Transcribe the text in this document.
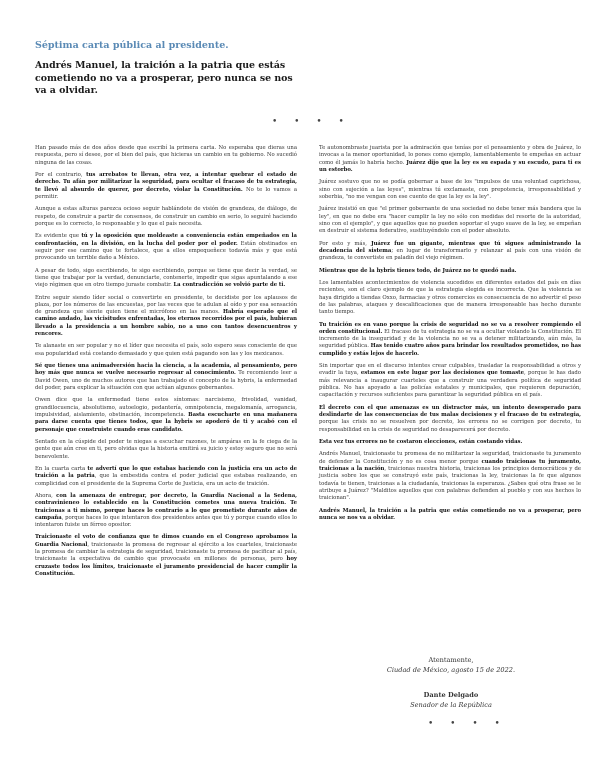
Séptima carta pública al presidente.
Andrés Manuel, la traición a la patria que estás cometiendo no va a prosperar, pero nunca se nos va a olvidar.
• • • •

Han pasado más de dos años desde que escribí la primera carta. No esperaba que dieras una respuesta, pero sí desee, por el bien del país, que hicieras un cambio en tu gobierno. No sucedió ninguna de las cosas.

Por el contrario, tus arrebatos te llevan, otra vez, a intentar quebrar el estado de derecho. Tu afán por militarizar la seguridad, para ocultar el fracaso de tu estrategia, te llevó al absurdo de querer, por decreto, violar la Constitución. No te lo vamos a permitir.

Aunque a estas alturas parezca ocioso seguir hablándote de visión de grandeza, de diálogo, de respeto, de construir a partir de consensos, de construir un cambio en serio, lo seguiré haciendo porque es lo correcto, lo responsable y lo que el país necesita.

Es evidente que tú y la oposición que moldeaste a conveniencia están empeñados en la confrontación, en la división, en la lucha del poder por el poder. Están obstinados en seguir por ese camino que te fortalece, que a ellos empequeñece todavía más y que está provocando un terrible daño a México.

A pesar de todo, sigo escribiendo, te sigo escribiendo, porque se tiene que decir la verdad, se tiene que trabajar por la verdad, denunciarte, contenerte, impedir que sigas apuntalando a ese viejo régimen que en otro tiempo juraste combatir. La contradicción se volvió parte de ti.

Entre seguir siendo líder social o convertirte en presidente, te decidiste por los aplausos de plaza, por los números de las encuestas, por las veces que te adulan al oído y por esa sensación de grandeza que siente quien tiene el micrófono en las manos. Habría esperado que el camino andado, las vicisitudes enfrentadas, los eternos recorridos por el país, hubieran llevado a la presidencia a un hombre sabio, no a uno con tantos desencuentros y rencores.

Te alanaste en ser popular y no el líder que necesita el país, solo espero seas consciente de que esa popularidad está costando demasiado y que quien está pagando son las y los mexicanos.

Sé que tienes una animadversión hacia la ciencia, a la academia, al pensamiento, pero hoy más que nunca se vuelve necesario regresar al conocimiento. Te recomiendo leer a David Owen, uno de muchos autores que han trabajado el concepto de la hybris, la enfermedad del poder, para explicar la situación con que actúan algunos gobernantes.

Owen dice que la enfermedad tiene estos síntomas: narcisismo, frivolidad, vanidad, grandilocuencia, absolutismo, autoelogio, pedantería, omnipotencia, megalomanía, arrogancia, impulsividad, aislamiento, obstinación, incompetencia. Basta escucharte en una mañanera para darse cuenta que tienes todos, que la hybris se apoderó de ti y acabó con el personaje que construiste cuando eras candidato.

Sentado en la cúspide del poder te niegas a escuchar razones, te ampáras en la fe ciega de la gente que aún cree en ti, pero olvidas que la historia emitirá su juicio y estoy seguro que no será benevolente.

En la cuarta carta te advertí que lo que estabas haciendo con la justicia era un acto de traición a la patria, que la embestida contra el poder judicial que estabas realizando, en complicidad con el presidente de la Suprema Corte de Justicia, era un acto de traición.

Ahora, con la amenaza de entregar, por decreto, la Guardia Nacional a la Sedena, contravinieneo lo establecido en la Constitución cometes una nueva traición. Te traicionas a ti mismo, porque haces lo contrario a lo que prometiste durante años de campaña, porque haces lo que intentaron dos presidentes antes que tú y porque cuando ellos lo intentaron fuiste un férreo opositor.

Traicionaste el voto de confianza que te dimos cuando en el Congreso aprobamos la Guardia Nacional, traicionaste la promesa de regresar al ejército a los cuarteles, traicionaste la promesa de cambiar la estrategia de seguridad, traicionaste tu promesa de pacificar al país, traicionaste la expectativa de cambio que provocaste en millones de personas, pero hoy cruzaste todos los límites, traicionaste el juramento presidencial de hacer cumplir la Constitución.

Te autonombraste juarista por la admiración que tenías por el pensamiento y obra de Juárez, lo invocas a la menor oportunidad, lo pones como ejemplo, lamentablemente te empeñas en actuar como él jamás lo habría hecho. Juárez dijo que la ley es su espada y su escudo, para ti es un estorbo.

Juárez sostuvo que no se podía gobernar a base de los "impulsos de una voluntad caprichosa, sino con sujeción a las leyes", mientras tú exclamaste, con prepotencia, irresponsabilidad y soberbia, "no me vengan con ese cuento de que la ley es la ley".

Juárez insistió en que "el primer gobernante de una sociedad no debe tener más bandera que la ley", en que no debe era "hacer cumplir la ley no sólo con medidas del resorte de la autoridad, sino con el ejemplo", y que aquellos que no pueden soportar el yugo suave de la ley, se empeñan en destruir el sistema federativo, sustituyéndolo con el poder absoluto.

Por esto y más, Juárez fue un gigante, mientras que tú sigues administrando la decadencia del sistema; en lugar de transformarlo y relanzar al país con una visión de grandeza, te convertiste en paladín del viejo régimen.

Mientras que de la hybris tienes todo, de Juárez no te quedó nada.

Los lamentables acontecimientos de violencia sucedidos en diferentes estados del país en días recientes, son el claro ejemplo de que la estrategia elegida es incorrecta. Que la violencia se haya dirigido a tiendas Oxxo, farmacias y otros comercios es consecuencia de no advertir el peso de las palabras, ataques y descalificaciones que de manera irresponsable has hecho durante tanto tiempo.

Tu traición es en vano porque la crisis de seguridad no se va a resolver rompiendo el orden constitucional. El fracaso de tu estrategia no se va a ocultar violando la Constitución. El incremento de la inseguridad y de la violencia no se va a detener militarizando, aún más, la seguridad pública. Has tenido cuatro años para brindar los resultados prometidos, no has cumplido y estás lejos de hacerlo.

Sin importar que en el discurso intentes crear culpables, trasladar la responsabilidad a otros y evadir la tuya, estamos en este lugar por las decisiones que tomaste, porque le has dado más relevancia a inaugurar cuarteles que a construir una verdadera política de seguridad pública. No has apoyado a las policías estatales y municipales, que requieren depuración, capacitación y recursos suficientes para garantizar la seguridad pública en el país.

El decreto con el que amenazas es un distractor más, un intento desesperado para deslindarte de las consecuencias de tus malas decisiones y el fracaso de tu estrategia, porque las crisis no se resuelven por decreto, los errores no se corrigen por decreto, tu responsabilidad en la crisis de seguridad no desaparecerá por decreto.

Esta vez tus errores no te costaron elecciones, están costando vidas.

Andrés Manuel, traicionaste tu promesa de no militarizar la seguridad, traicionaste tu juramento de defender la Constitución y no es cosa menor porque cuando traicionas tu juramento, traicionas a la nación, traicionas nuestra historia, traicionas los principios democráticos y de justicia sobre los que se construyó este país, traicionas la ley, traicionas la fe que algunos todavía te tienen, traicionas a la ciudadanía, traicionas la esperanza. ¿Sabes qué otra frase se le atribuye a Juárez? "Malditos aquellos que con palabras defienden al pueblo y con sus hechos lo traicionan".

Andrés Manuel, la traición a la patria que estás cometiendo no va a prosperar, pero nunca se nos va a olvidar.

Atentamente,
Ciudad de México, agosto 15 de 2022.
Dante Delgado
Senador de la República
• • • •
